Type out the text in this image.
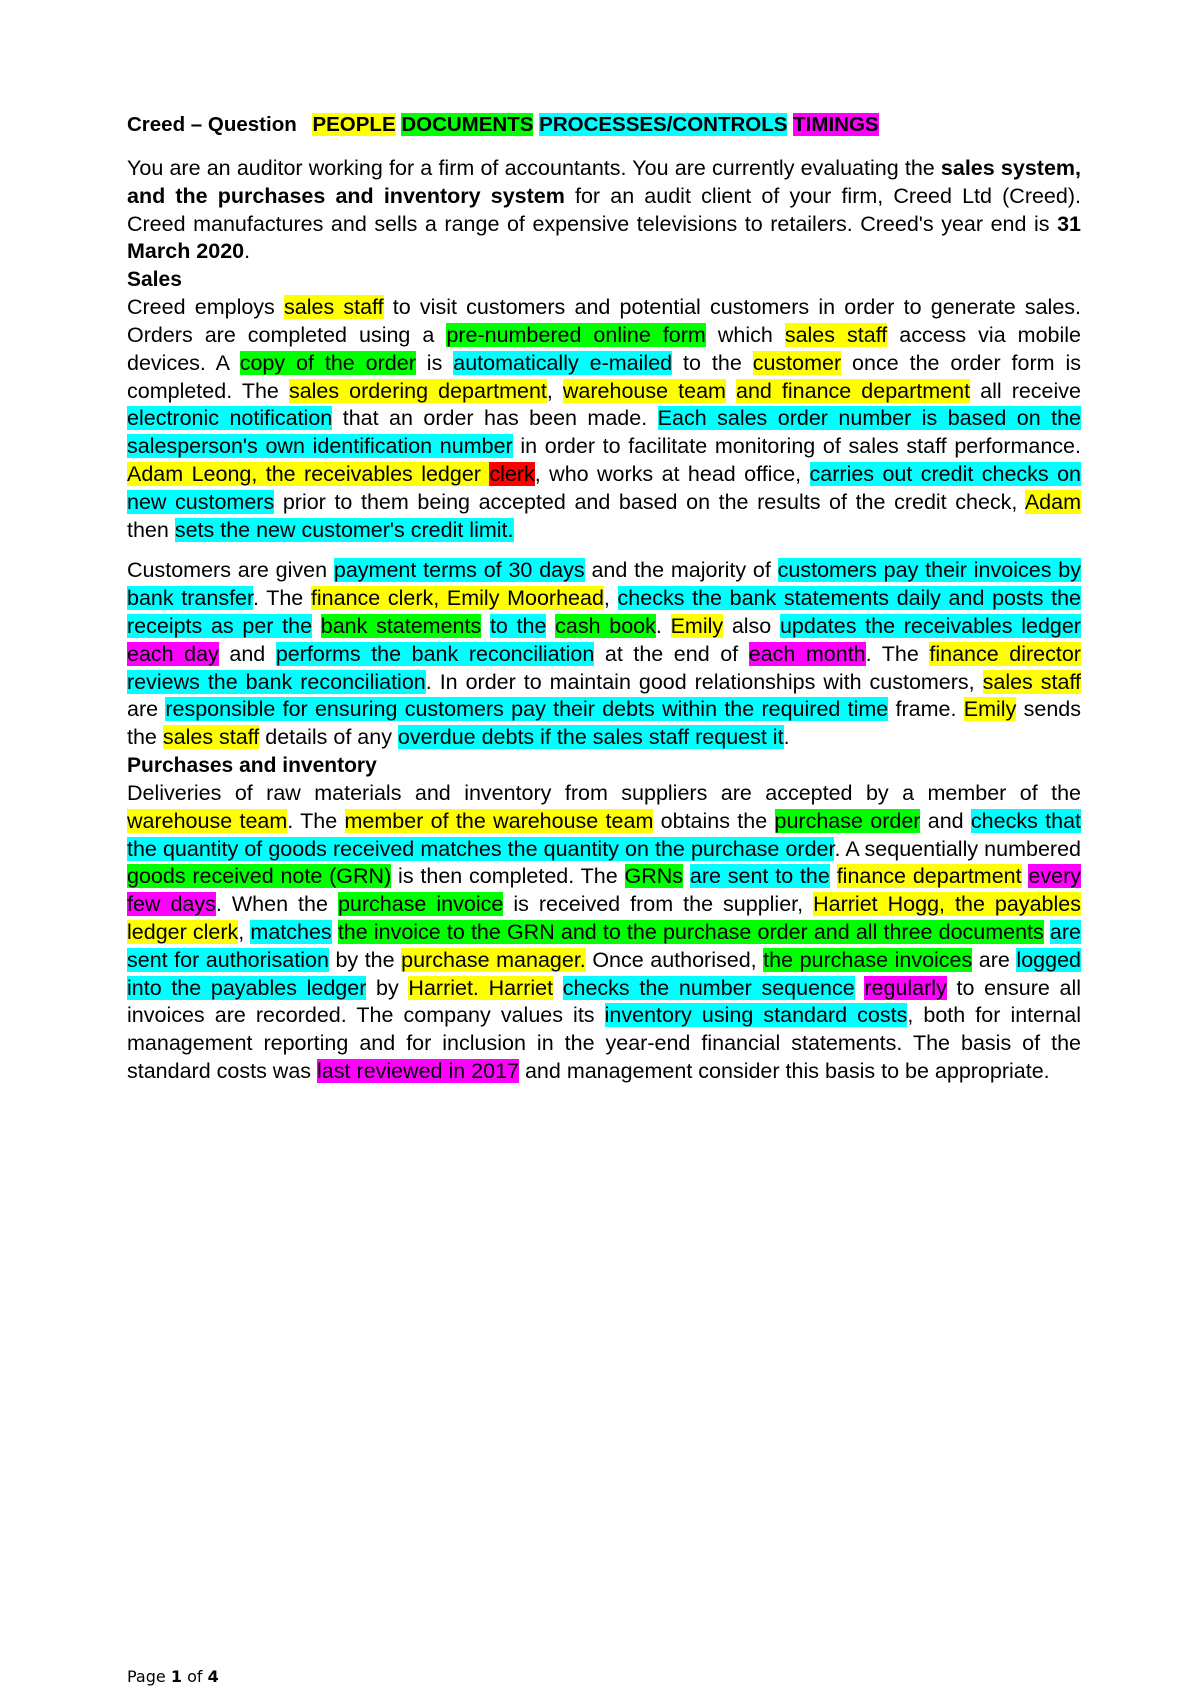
Creed – Question PEOPLE DOCUMENTS PROCESSES/CONTROLS TIMINGS

You are an auditor working for a firm of accountants. You are currently evaluating the sales system, and the purchases and inventory system for an audit client of your firm, Creed Ltd (Creed). Creed manufactures and sells a range of expensive televisions to retailers. Creed's year end is 31 March 2020.

Sales

Creed employs sales staff to visit customers and potential customers in order to generate sales. Orders are completed using a pre-numbered online form which sales staff access via mobile devices. A copy of the order is automatically e-mailed to the customer once the order form is completed. The sales ordering department, warehouse team and finance department all receive electronic notification that an order has been made. Each sales order number is based on the salesperson's own identification number in order to facilitate monitoring of sales staff performance. Adam Leong, the receivables ledger clerk, who works at head office, carries out credit checks on new customers prior to them being accepted and based on the results of the credit check, Adam then sets the new customer's credit limit.

Customers are given payment terms of 30 days and the majority of customers pay their invoices by bank transfer. The finance clerk, Emily Moorhead, checks the bank statements daily and posts the receipts as per the bank statements to the cash book. Emily also updates the receivables ledger each day and performs the bank reconciliation at the end of each month. The finance director reviews the bank reconciliation. In order to maintain good relationships with customers, sales staff are responsible for ensuring customers pay their debts within the required time frame. Emily sends the sales staff details of any overdue debts if the sales staff request it.

Purchases and inventory

Deliveries of raw materials and inventory from suppliers are accepted by a member of the warehouse team. The member of the warehouse team obtains the purchase order and checks that the quantity of goods received matches the quantity on the purchase order. A sequentially numbered goods received note (GRN) is then completed. The GRNs are sent to the finance department every few days. When the purchase invoice is received from the supplier, Harriet Hogg, the payables ledger clerk, matches the invoice to the GRN and to the purchase order and all three documents are sent for authorisation by the purchase manager. Once authorised, the purchase invoices are logged into the payables ledger by Harriet. Harriet checks the number sequence regularly to ensure all invoices are recorded. The company values its inventory using standard costs, both for internal management reporting and for inclusion in the year-end financial statements. The basis of the standard costs was last reviewed in 2017 and management consider this basis to be appropriate.

Page 1 of 4
